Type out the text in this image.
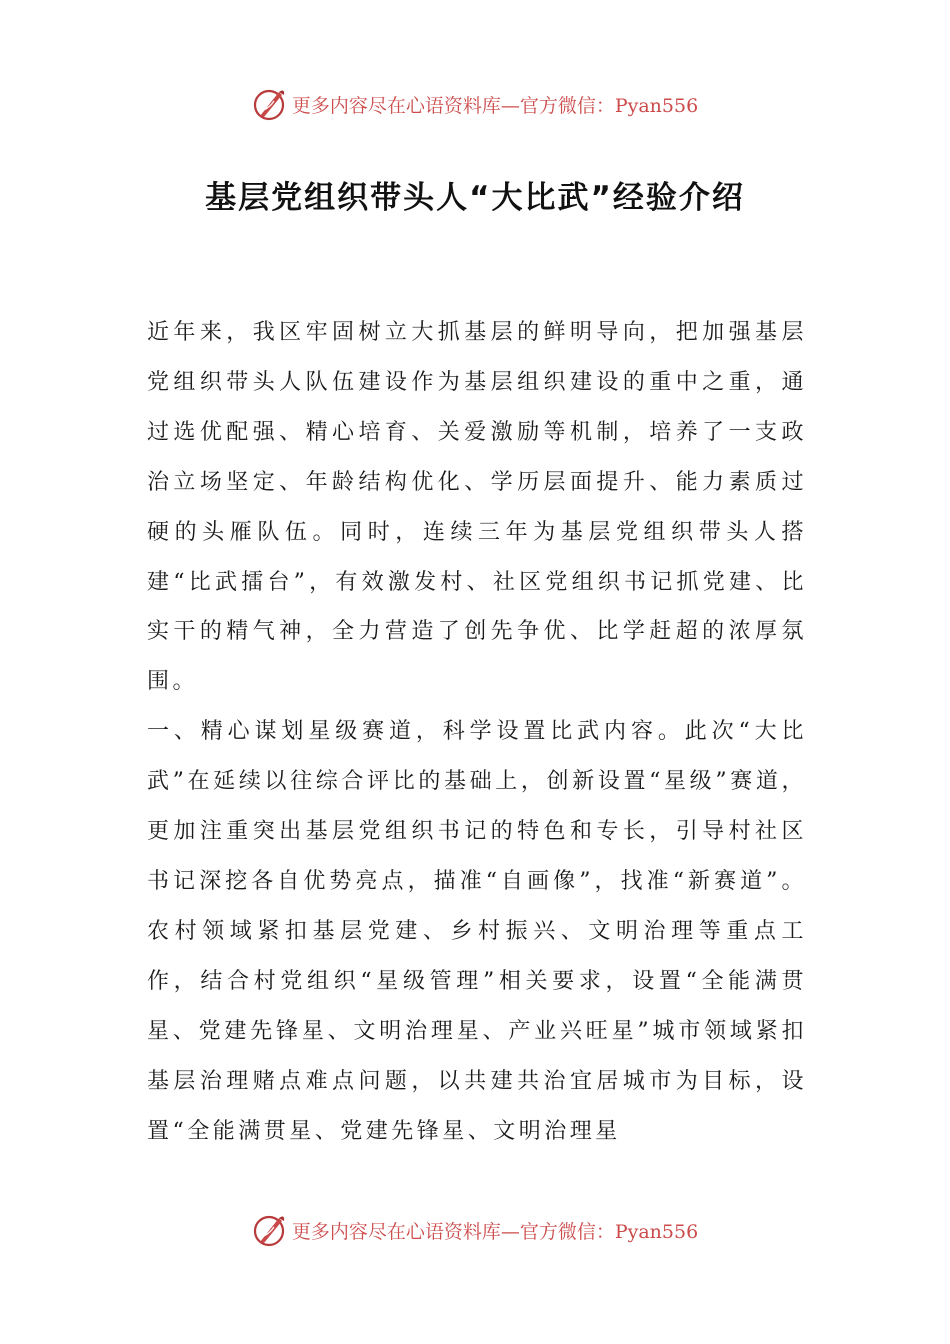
更多内容尽在心语资料库—官方微信：Pyan556
基层党组织带头人“大比武”经验介绍

近年来，我区牢固树立大抓基层的鲜明导向，把加强基层党组织带头人队伍建设作为基层组织建设的重中之重，通过选优配强、精心培育、关爱激励等机制，培养了一支政治立场坚定、年龄结构优化、学历层面提升、能力素质过硬的头雁队伍。同时，连续三年为基层党组织带头人搭建“比武擂台”，有效激发村、社区党组织书记抓党建、比实干的精气神，全力营造了创先争优、比学赶超的浓厚氛围。

一、精心谋划星级赛道，科学设置比武内容。此次“大比武”在延续以往综合评比的基础上，创新设置“星级”赛道，更加注重突出基层党组织书记的特色和专长，引导村社区书记深挖各自优势亮点，描准“自画像”，找准“新赛道”。农村领域紧扣基层党建、乡村振兴、文明治理等重点工作，结合村党组织“星级管理”相关要求，设置“全能满贯星、党建先锋星、文明治理星、产业兴旺星”城市领域紧扣基层治理赌点难点问题，以共建共治宜居城市为目标，设置“全能满贯星、党建先锋星、文明治理星

更多内容尽在心语资料库—官方微信：Pyan556
